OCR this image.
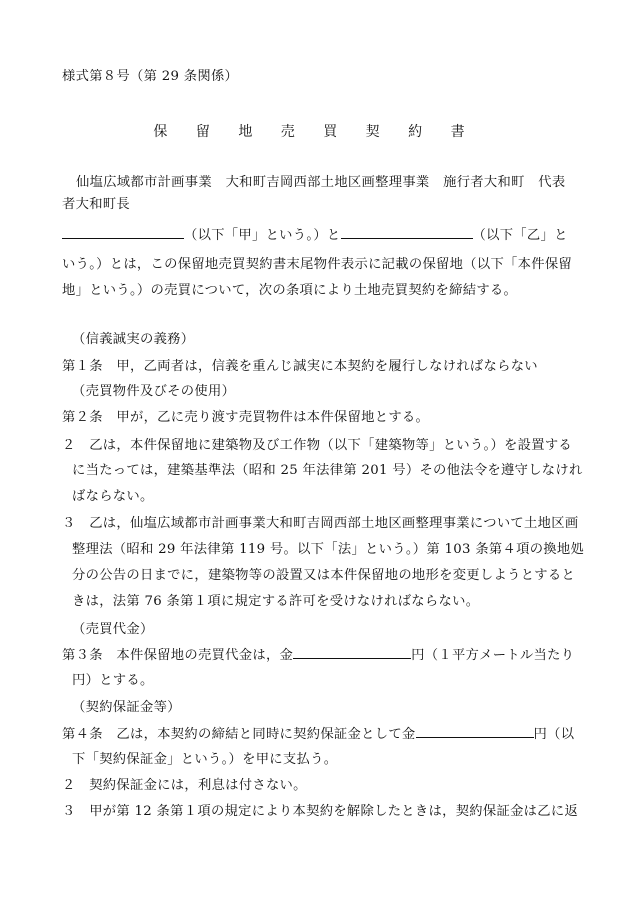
様式第８号（第 29 条関係）
保 留 地 売 買 契 約 書
仙塩広域都市計画事業　大和町吉岡西部土地区画整理事業　施行者大和町　代表
者大和町長
（以下「甲」という。）と	（以下「乙」と
いう。）とは，この保留地売買契約書末尾物件表示に記載の保留地（以下「本件保留
地」という。）の売買について，次の条項により土地売買契約を締結する。
（信義誠実の義務）
第１条　甲，乙両者は，信義を重んじ誠実に本契約を履行しなければならない
（売買物件及びその使用）
第２条　甲が，乙に売り渡す売買物件は本件保留地とする。
２　乙は，本件保留地に建築物及び工作物（以下「建築物等」という。）を設置する
に当たっては，建築基準法（昭和 25 年法律第 201 号）その他法令を遵守しなけれ
ばならない。
３　乙は，仙塩広域都市計画事業大和町吉岡西部土地区画整理事業について土地区画
整理法（昭和 29 年法律第 119 号。以下「法」という。）第 103 条第４項の換地処
分の公告の日までに，建築物等の設置又は本件保留地の地形を変更しようとすると
きは，法第 76 条第１項に規定する許可を受けなければならない。
（売買代金）
第３条　本件保留地の売買代金は，金	円（１平方メートル当たり
円）とする。
（契約保証金等）
第４条　乙は，本契約の締結と同時に契約保証金として金	円（以
下「契約保証金」という。）を甲に支払う。
２　契約保証金には，利息は付さない。
３　甲が第 12 条第１項の規定により本契約を解除したときは，契約保証金は乙に返
